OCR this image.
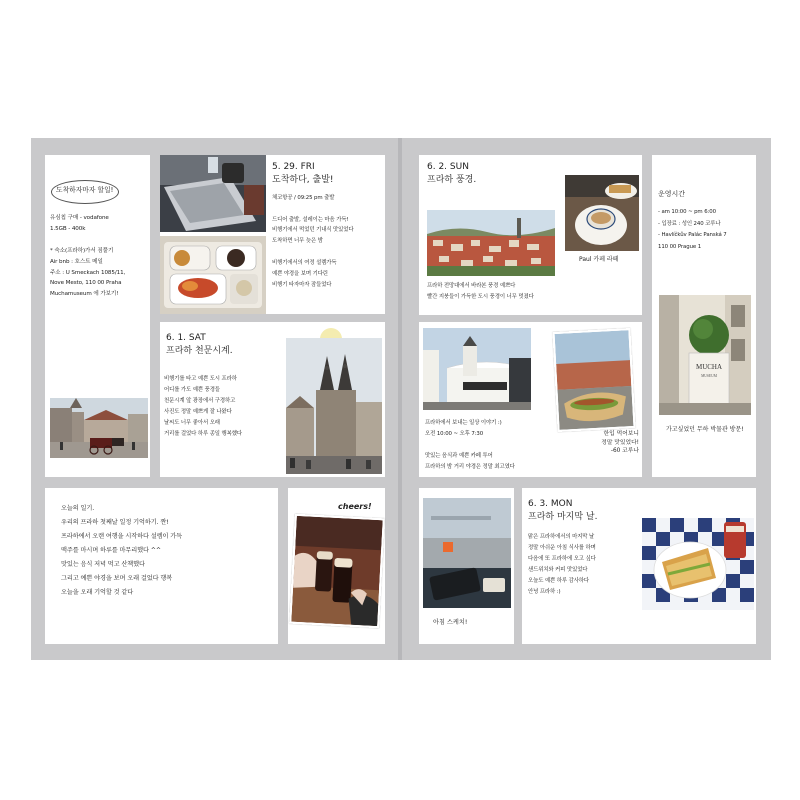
도착하자마자 할일!
유심칩 구매 - vodafone
1.5GB - 400k

* 숙소(프라하)가서 짐풀기
Air bnb : 호스트 메일
주소 : U Smeckach 1085/11,
Nove Mesto, 110 00 Praha
Muchamuseum 에 가보기!
5. 29. FRI
도착하다, 출발!
체코항공 / 09:25 pm 출발

드디어 출발, 설레이는 마음 가득!
비행기에서 먹었던 기내식 맛있었다
도착하면 너무 늦은 밤

비행기에서의 여정 설렘가득
예쁜 야경을 보며 기다린
비행기 타자마자 잠들었다
6. 1. SAT
프라하 천문시계.
비행기를 타고 예쁜 도시 프라하
어디를 가도 예쁜 풍경들
천문시계 앞 광장에서 구경하고
사진도 정말 예쁘게 잘 나왔다
날씨도 너무 좋아서 오래
거리를 걸었다 하루 종일 행복했다
오늘의 일기.
우리의 프라하 첫째날 일정 기억하기. 짠!
프라하에서 오랜 여행을 시작하다 설렘이 가득
맥주를 마시며 하루를 마무리했다 ^^
맛있는 음식 저녁 먹고 산책했다
그리고 예쁜 야경을 보며 오래 걸었다 행복
오늘을 오래 기억할 것 같다
cheers!
6. 2. SUN
프라하 풍경.
프라하 전망대에서 바라본 풍경 예쁘다
빨간 지붕들이 가득한 도시 풍경이 너무 멋졌다
Paul 카페 라떼
운영시간
- am 10:00 ~ pm 6:00
- 입장료 : 성인 240 코루나
- Havlíčkův Palác Panská 7
110 00 Prague 1
MUCHA
MUSEUM
가고싶었던 무하 박물관 방문!
프라하에서 보내는 일상 이야기 :)
오전 10:00 ~ 오후 7:30

맛있는 음식과 예쁜 카페 투어
프라하의 밤 거리 야경은 정말 최고였다
한입 먹어보니
정말 맛있었다!
-60 코루나
아침 스케치!
6. 3. MON
프라하 마지막 날.
맑은 프라하에서의 마지막 날
정말 아쉬운 아침 식사를 하며
다음에 또 프라하에 오고 싶다
샌드위치와 커피 맛있었다
오늘도 예쁜 하루 감사하다
안녕 프라하 :)
